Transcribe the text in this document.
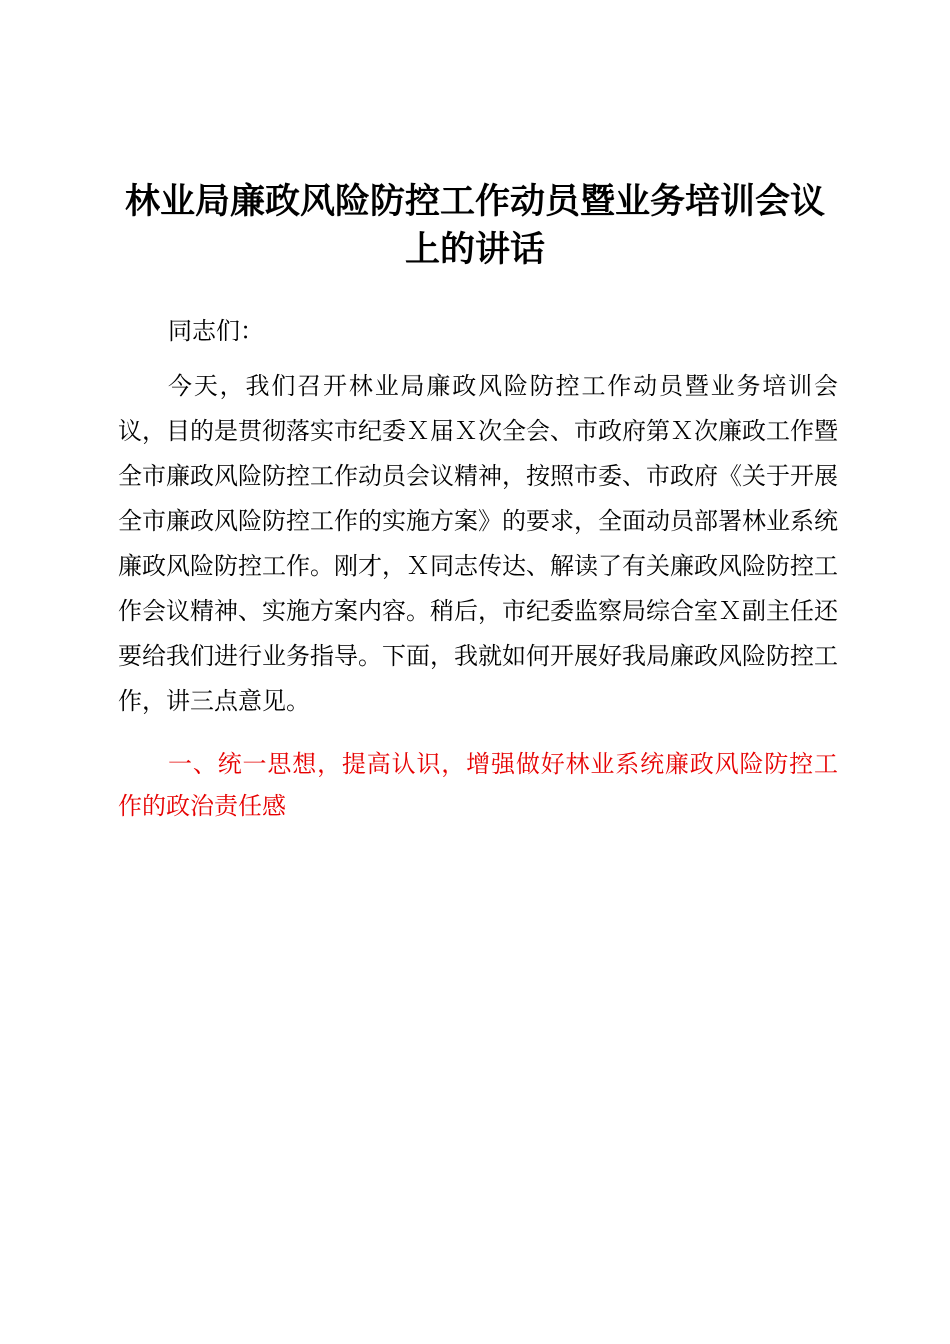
林业局廉政风险防控工作动员暨业务培训会议上的讲话

同志们：

今天，我们召开林业局廉政风险防控工作动员暨业务培训会议，目的是贯彻落实市纪委Ｘ届Ｘ次全会、市政府第Ｘ次廉政工作暨全市廉政风险防控工作动员会议精神，按照市委、市政府《关于开展全市廉政风险防控工作的实施方案》的要求，全面动员部署林业系统廉政风险防控工作。刚才，Ｘ同志传达、解读了有关廉政风险防控工作会议精神、实施方案内容。稍后，市纪委监察局综合室Ｘ副主任还要给我们进行业务指导。下面，我就如何开展好我局廉政风险防控工作，讲三点意见。

一、统一思想，提高认识，增强做好林业系统廉政风险防控工作的政治责任感
